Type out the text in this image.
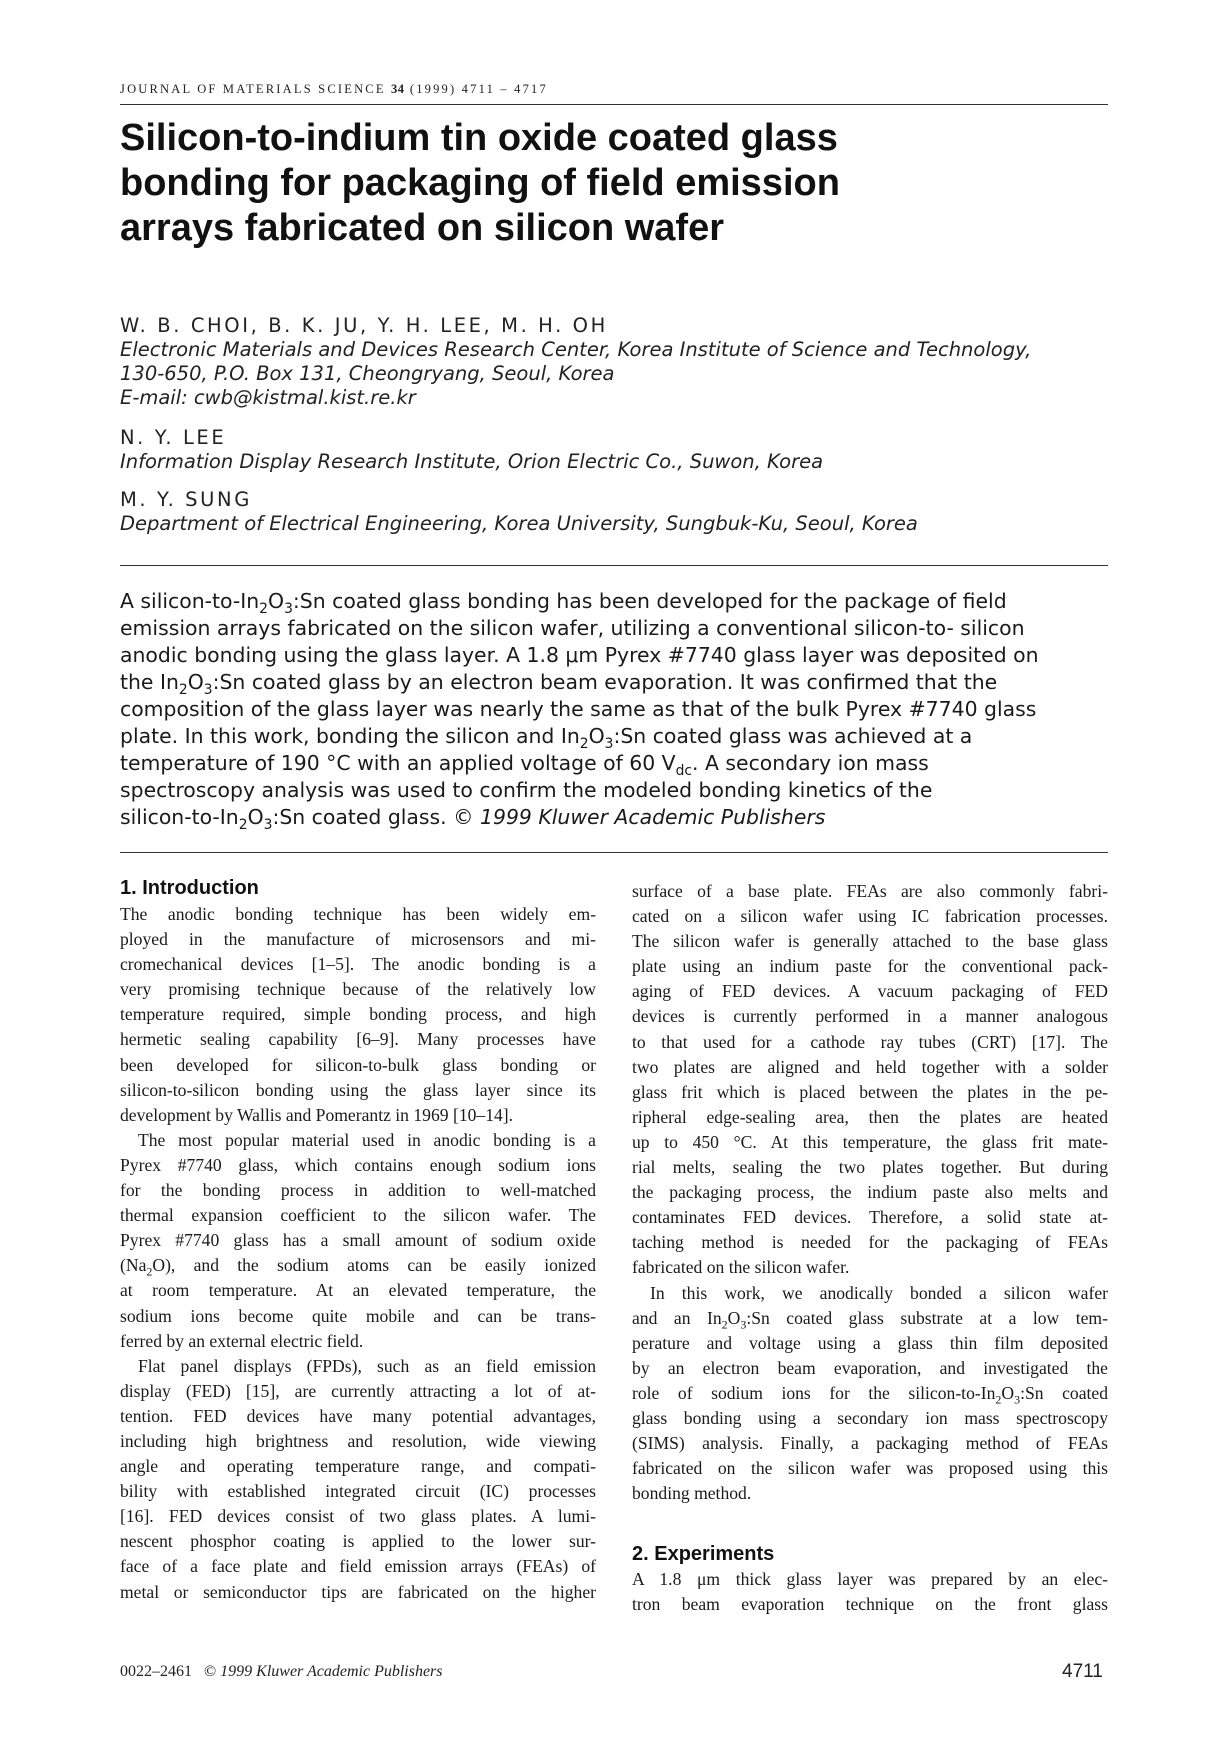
JOURNAL OF MATERIALS SCIENCE 34 (1999) 4711 – 4717
Silicon-to-indium tin oxide coated glass
bonding for packaging of field emission
arrays fabricated on silicon wafer
W. B. CHOI, B. K. JU, Y. H. LEE, M. H. OH
Electronic Materials and Devices Research Center, Korea Institute of Science and Technology,
130-650, P.O. Box 131, Cheongryang, Seoul, Korea
E-mail: cwb@kistmal.kist.re.kr
N. Y. LEE
Information Display Research Institute, Orion Electric Co., Suwon, Korea
M. Y. SUNG
Department of Electrical Engineering, Korea University, Sungbuk-Ku, Seoul, Korea
A silicon-$to-In_2O_3:Sn$ coated glass bonding has been developed for the package of field
emission arrays fabricated on the silicon wafer, utilizing a conventional silicon-to- silicon
anodic bonding using the glass layer. A 1.8 μm Pyrex #7740 glass layer was deposited on
the $In_2O_3:Sn$ coated glass by an electron beam evaporation. It was confirmed that the
composition of the glass layer was nearly the same as that of the bulk Pyrex #7740 glass
plate. In this work, bonding the silicon and $In_2O_3:Sn$ coated glass was achieved at a
temperature of 190 °C with an applied voltage of 60 $V_{dc}$. A secondary ion mass
spectroscopy analysis was used to confirm the modeled bonding kinetics of the
silicon-$to-In_2O_3:Sn$ coated glass. © 1999 Kluwer Academic Publishers
1. Introduction
The anodic bonding technique has been widely em-
ployed in the manufacture of microsensors and mi-
cromechanical devices [1–5]. The anodic bonding is a
very promising technique because of the relatively low
temperature required, simple bonding process, and high
hermetic sealing capability [6–9]. Many processes have
been developed for silicon-to-bulk glass bonding or
silicon-to-silicon bonding using the glass layer since its
development by Wallis and Pomerantz in 1969 [10–14].
The most popular material used in anodic bonding is a
Pyrex #7740 glass, which contains enough sodium ions
for the bonding process in addition to well-matched
thermal expansion coefficient to the silicon wafer. The
Pyrex #7740 glass has a small amount of sodium oxide
$(Na_2O)$, and the sodium atoms can be easily ionized
at room temperature. At an elevated temperature, the
sodium ions become quite mobile and can be trans-
ferred by an external electric field.
Flat panel displays (FPDs), such as an field emission
display (FED) [15], are currently attracting a lot of at-
tention. FED devices have many potential advantages,
including high brightness and resolution, wide viewing
angle and operating temperature range, and compati-
bility with established integrated circuit (IC) processes
[16]. FED devices consist of two glass plates. A lumi-
nescent phosphor coating is applied to the lower sur-
face of a face plate and field emission arrays (FEAs) of
metal or semiconductor tips are fabricated on the higher
surface of a base plate. FEAs are also commonly fabri-
cated on a silicon wafer using IC fabrication processes.
The silicon wafer is generally attached to the base glass
plate using an indium paste for the conventional pack-
aging of FED devices. A vacuum packaging of FED
devices is currently performed in a manner analogous
to that used for a cathode ray tubes (CRT) [17]. The
two plates are aligned and held together with a solder
glass frit which is placed between the plates in the pe-
ripheral edge-sealing area, then the plates are heated
up to 450 °C. At this temperature, the glass frit mate-
rial melts, sealing the two plates together. But during
the packaging process, the indium paste also melts and
contaminates FED devices. Therefore, a solid state at-
taching method is needed for the packaging of FEAs
fabricated on the silicon wafer.
In this work, we anodically bonded a silicon wafer
and an $In_2O_3:Sn$ coated glass substrate at a low tem-
perature and voltage using a glass thin film deposited
by an electron beam evaporation, and investigated the
role of sodium ions for the silicon-$to-In_2O_3:Sn$ coated
glass bonding using a secondary ion mass spectroscopy
(SIMS) analysis. Finally, a packaging method of FEAs
fabricated on the silicon wafer was proposed using this
bonding method.
2. Experiments
A 1.8 μm thick glass layer was prepared by an elec-
tron beam evaporation technique on the front glass
0022–2461 © 1999 Kluwer Academic Publishers	4711
